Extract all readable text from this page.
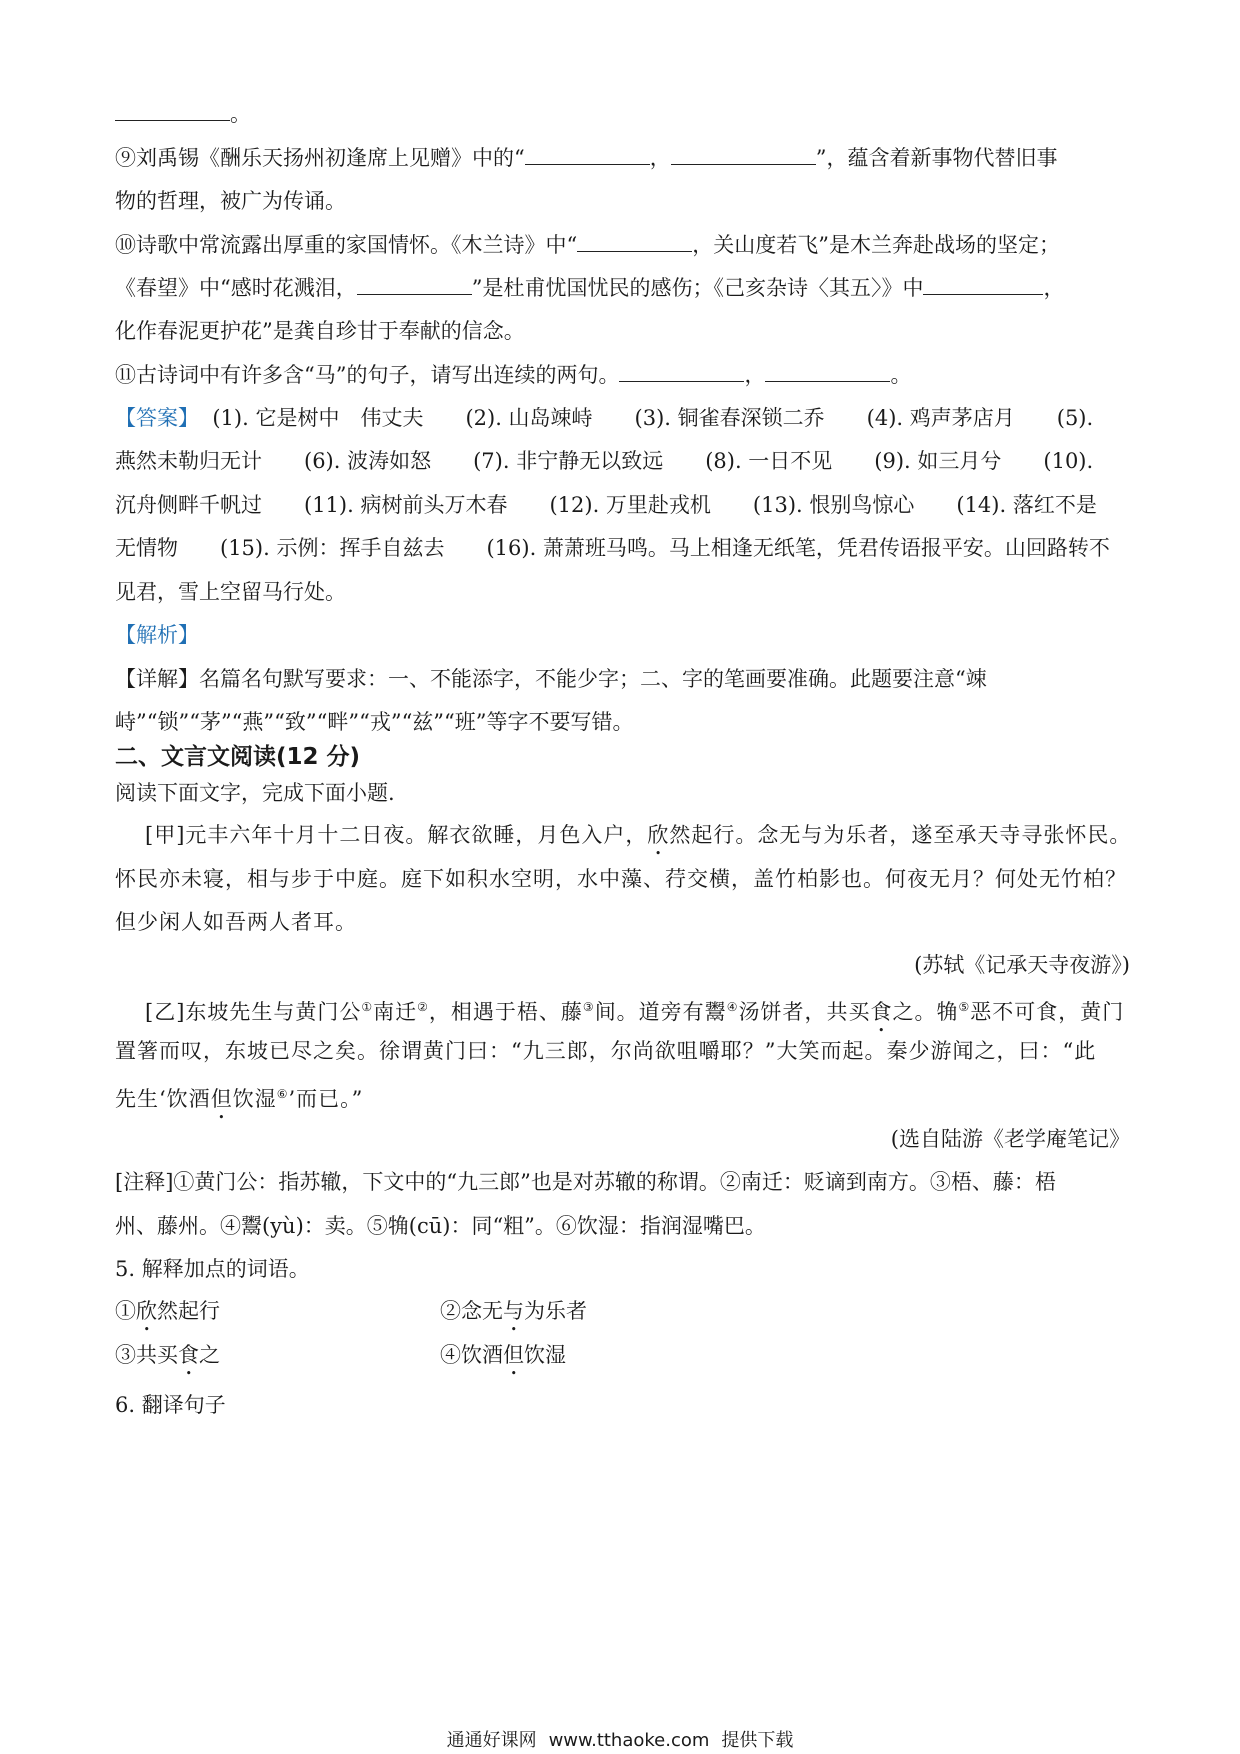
。
⑨刘禹锡《酬乐天扬州初逢席上见赠》中的“	，	”，蕴含着新事物代替旧事
物的哲理，被广为传诵。
⑩诗歌中常流露出厚重的家国情怀。《木兰诗》中“	，关山度若飞”是木兰奔赴战场的坚定；
《春望》中“感时花溅泪，	”是杜甫忧国忧民的感伤；《己亥杂诗〈其五〉》中	，
化作春泥更护花”是龚自珍甘于奉献的信念。
⑪古诗词中有许多含“马”的句子，请写出连续的两句。	，	。
【答案】 (1). 它是树中　伟丈夫　　(2). 山岛竦峙　　(3). 铜雀春深锁二乔　　(4). 鸡声茅店月　　(5).
燕然未勒归无计　　(6). 波涛如怒　　(7). 非宁静无以致远　　(8). 一日不见　　(9). 如三月兮　　(10).
沉舟侧畔千帆过　　(11). 病树前头万木春　　(12). 万里赴戎机　　(13). 恨别鸟惊心　　(14). 落红不是
无情物　　(15). 示例：挥手自兹去　　(16). 萧萧班马鸣。马上相逢无纸笔，凭君传语报平安。山回路转不
见君，雪上空留马行处。
【解析】
【详解】名篇名句默写要求：一、不能添字，不能少字；二、字的笔画要准确。此题要注意“竦
峙”“锁”“茅”“燕”“致”“畔”“戎”“兹”“班”等字不要写错。
二、文言文阅读(12 分)
阅读下面文字，完成下面小题.
[甲]元丰六年十月十二日夜。解衣欲睡，月色入户，欣然起行。念无与为乐者，遂至承天寺寻张怀民。
怀民亦未寝，相与步于中庭。庭下如积水空明，水中藻、荇交横，盖竹柏影也。何夜无月？何处无竹柏？
但少闲人如吾两人者耳。
(苏轼《记承天寺夜游》)
[乙]东坡先生与黄门公①南迁②，相遇于梧、藤③间。道旁有鬻④汤饼者，共买食之。觕⑤恶不可食，黄门
置箸而叹，东坡已尽之矣。徐谓黄门曰：“九三郎，尔尚欲咀嚼耶？”大笑而起。秦少游闻之，曰：“此
先生‘饮酒但饮湿⑥’而已。”
(选自陆游《老学庵笔记》
[注释]①黄门公：指苏辙，下文中的“九三郎”也是对苏辙的称谓。②南迁：贬谪到南方。③梧、藤：梧
州、藤州。④鬻(yù)：卖。⑤觕(cū)：同“粗”。⑥饮湿：指润湿嘴巴。
5. 解释加点的词语。
①欣然起行	②念无与为乐者
③共买食之	④饮酒但饮湿
6. 翻译句子
通通好课网 www.tthaoke.com 提供下载
